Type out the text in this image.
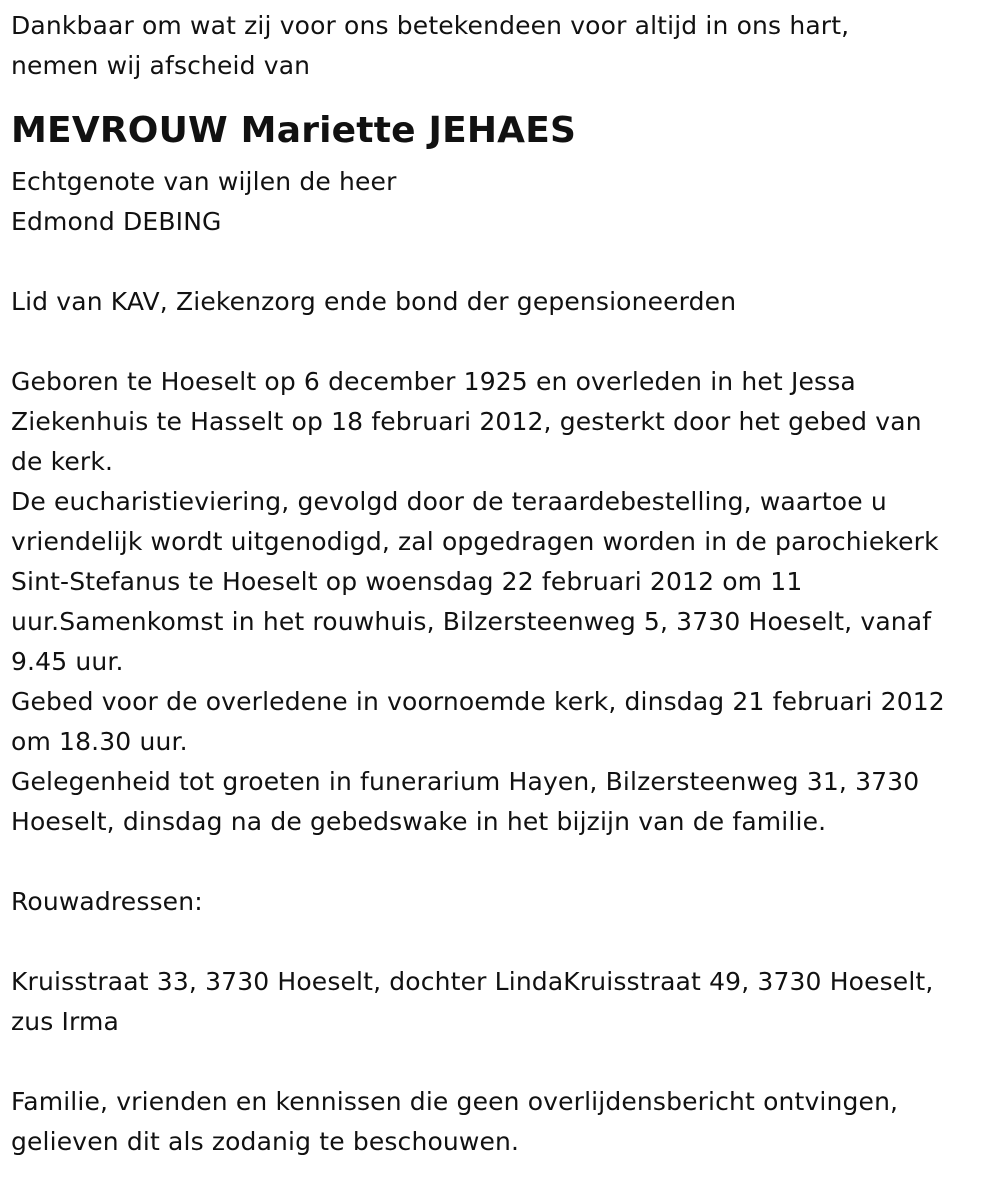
Dankbaar om wat zij voor ons betekendeen voor altijd in ons hart,
nemen wij afscheid van
MEVROUW Mariette JEHAES
Echtgenote van wijlen de heer
Edmond DEBING
Lid van KAV, Ziekenzorg ende bond der gepensioneerden
Geboren te Hoeselt op 6 december 1925 en overleden in het Jessa
Ziekenhuis te Hasselt op 18 februari 2012, gesterkt door het gebed van
de kerk.
De eucharistieviering, gevolgd door de teraardebestelling, waartoe u
vriendelijk wordt uitgenodigd, zal opgedragen worden in de parochiekerk
Sint-Stefanus te Hoeselt op woensdag 22 februari 2012 om 11
uur.Samenkomst in het rouwhuis, Bilzersteenweg 5, 3730 Hoeselt, vanaf
9.45 uur.
Gebed voor de overledene in voornoemde kerk, dinsdag 21 februari 2012
om 18.30 uur.
Gelegenheid tot groeten in funerarium Hayen, Bilzersteenweg 31, 3730
Hoeselt, dinsdag na de gebedswake in het bijzijn van de familie.
Rouwadressen:
Kruisstraat 33, 3730 Hoeselt, dochter LindaKruisstraat 49, 3730 Hoeselt,
zus Irma
Familie, vrienden en kennissen die geen overlijdensbericht ontvingen,
gelieven dit als zodanig te beschouwen.
